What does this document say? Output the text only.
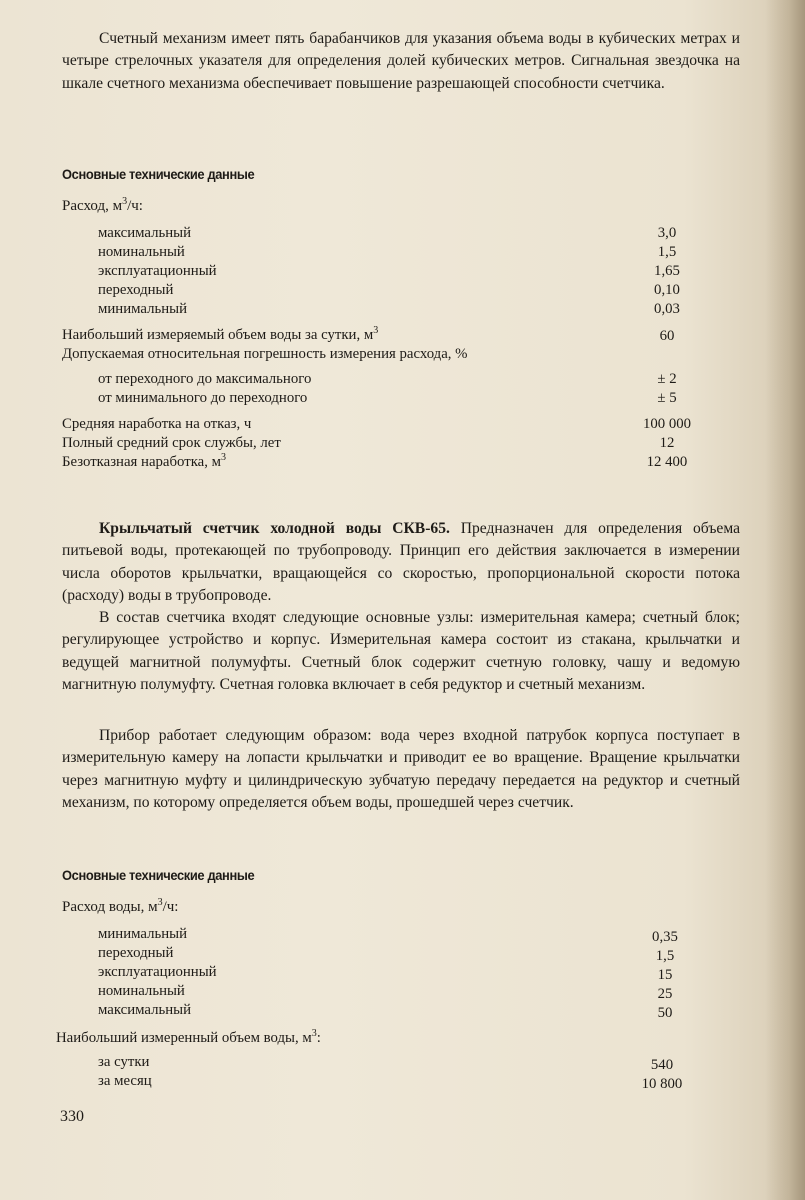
Счетный механизм имеет пять барабанчиков для указания объема воды в кубических метрах и четыре стрелочных указателя для определения долей кубических метров. Сигнальная звездочка на шкале счетного механизма обеспечивает повышение разрешающей способности счетчика.

Основные технические данные
Расход, $м^3/ч$:
максимальный	3,0
номинальный	1,5
эксплуатационный	1,65
переходный	0,10
минимальный	0,03
Наибольший измеряемый объем воды за сутки, $м^3$	60
Допускаемая относительная погрешность измерения расхода, %
от переходного до максимального	± 2
от минимального до переходного	± 5
Средняя наработка на отказ, ч	100 000
Полный средний срок службы, лет	12
Безотказная наработка, $м^3$	12 400

Крыльчатый счетчик холодной воды СКВ-65. Предназначен для определения объема питьевой воды, протекающей по трубопроводу. Принцип его действия заключается в измерении числа оборотов крыльчатки, вращающейся со скоростью, пропорциональной скорости потока (расходу) воды в трубопроводе.

В состав счетчика входят следующие основные узлы: измерительная камера; счетный блок; регулирующее устройство и корпус. Измерительная камера состоит из стакана, крыльчатки и ведущей магнитной полумуфты. Счетный блок содержит счетную головку, чашу и ведомую магнитную полумуфту. Счетная головка включает в себя редуктор и счетный механизм.

Прибор работает следующим образом: вода через входной патрубок корпуса поступает в измерительную камеру на лопасти крыльчатки и приводит ее во вращение. Вращение крыльчатки через магнитную муфту и цилиндрическую зубчатую передачу передается на редуктор и счетный механизм, по которому определяется объем воды, прошедшей через счетчик.

Основные технические данные
Расход воды, $м^3/ч$:
минимальный	0,35
переходный	1,5
эксплуатационный	15
номинальный	25
максимальный	50
Наибольший измеренный объем воды, $м^3$:
за сутки	540
за месяц	10 800
330
